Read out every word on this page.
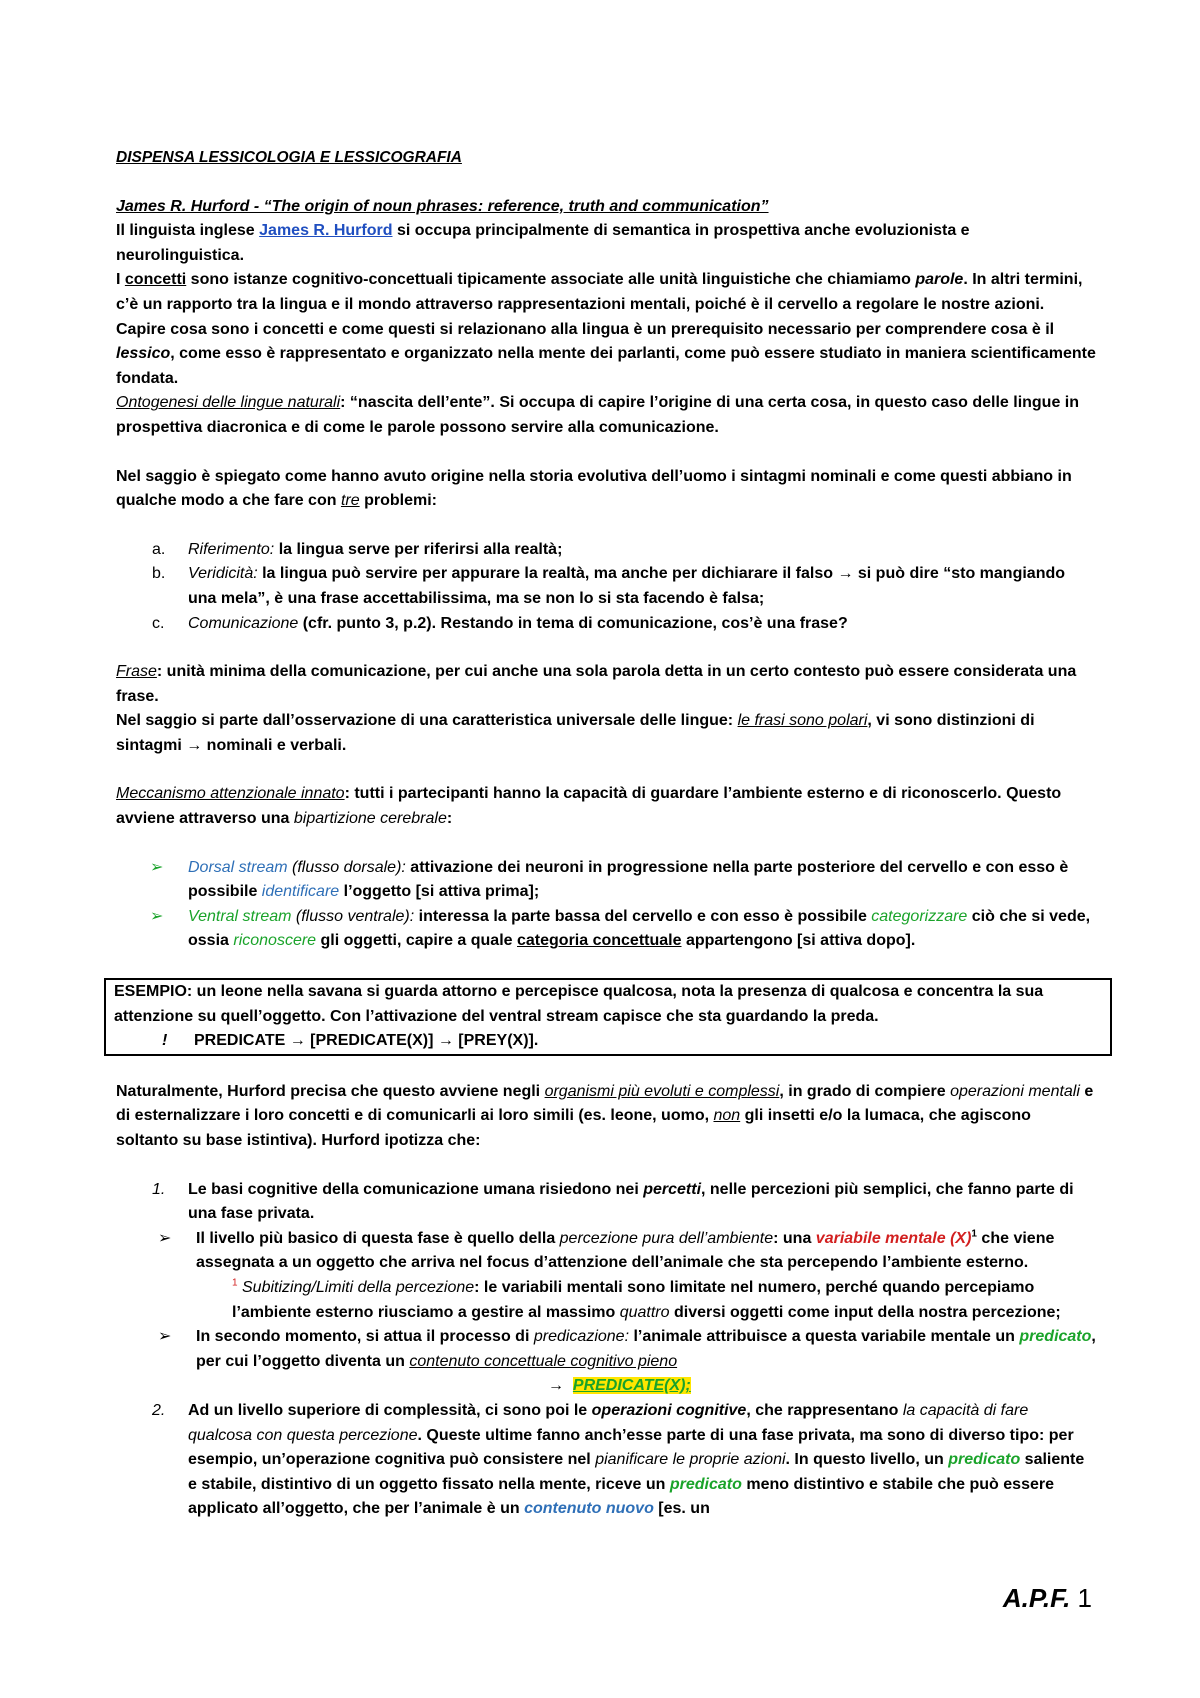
DISPENSA LESSICOLOGIA E LESSICOGRAFIA

James R. Hurford - “The origin of noun phrases: reference, truth and communication”

Il linguista inglese James R. Hurford si occupa principalmente di semantica in prospettiva anche evoluzionista e neurolinguistica.

I concetti sono istanze cognitivo-concettuali tipicamente associate alle unità linguistiche che chiamiamo parole. In altri termini, c’è un rapporto tra la lingua e il mondo attraverso rappresentazioni mentali, poiché è il cervello a regolare le nostre azioni. Capire cosa sono i concetti e come questi si relazionano alla lingua è un prerequisito necessario per comprendere cosa è il lessico, come esso è rappresentato e organizzato nella mente dei parlanti, come può essere studiato in maniera scientificamente fondata.

Ontogenesi delle lingue naturali: “nascita dell’ente”. Si occupa di capire l’origine di una certa cosa, in questo caso delle lingue in prospettiva diacronica e di come le parole possono servire alla comunicazione.

Nel saggio è spiegato come hanno avuto origine nella storia evolutiva dell’uomo i sintagmi nominali e come questi abbiano in qualche modo a che fare con tre problemi:

a.	Riferimento: la lingua serve per riferirsi alla realtà;
b.	Veridicità: la lingua può servire per appurare la realtà, ma anche per dichiarare il falso → si può dire “sto mangiando una mela”, è una frase accettabilissima, ma se non lo si sta facendo è falsa;
c.	Comunicazione (cfr. punto 3, p.2). Restando in tema di comunicazione, cos’è una frase?

Frase: unità minima della comunicazione, per cui anche una sola parola detta in un certo contesto può essere considerata una frase.

Nel saggio si parte dall’osservazione di una caratteristica universale delle lingue: le frasi sono polari, vi sono distinzioni di sintagmi → nominali e verbali.

Meccanismo attenzionale innato: tutti i partecipanti hanno la capacità di guardare l’ambiente esterno e di riconoscerlo. Questo avviene attraverso una bipartizione cerebrale:

➢	Dorsal stream (flusso dorsale): attivazione dei neuroni in progressione nella parte posteriore del cervello e con esso è possibile identificare l’oggetto [si attiva prima];
➢	Ventral stream (flusso ventrale): interessa la parte bassa del cervello e con esso è possibile categorizzare ciò che si vede, ossia riconoscere gli oggetti, capire a quale categoria concettuale appartengono [si attiva dopo].

ESEMPIO: un leone nella savana si guarda attorno e percepisce qualcosa, nota la presenza di qualcosa e concentra la sua attenzione su quell’oggetto. Con l’attivazione del ventral stream capisce che sta guardando la preda.

!	PREDICATE → [PREDICATE(X)] → [PREY(X)].

Naturalmente, Hurford precisa che questo avviene negli organismi più evoluti e complessi, in grado di compiere operazioni mentali e di esternalizzare i loro concetti e di comunicarli ai loro simili (es. leone, uomo, non gli insetti e/o la lumaca, che agiscono soltanto su base istintiva). Hurford ipotizza che:

1.	Le basi cognitive della comunicazione umana risiedono nei percetti, nelle percezioni più semplici, che fanno parte di una fase privata.
➢	Il livello più basico di questa fase è quello della percezione pura dell’ambiente: una variabile mentale $(X)^1$ che viene assegnata a un oggetto che arriva nel focus d’attenzione dell’animale che sta percependo l’ambiente esterno.

$^1$ Subitizing/Limiti della percezione: le variabili mentali sono limitate nel numero, perché quando percepiamo l’ambiente esterno riusciamo a gestire al massimo quattro diversi oggetti come input della nostra percezione;

➢	In secondo momento, si attua il processo di predicazione: l’animale attribuisce a questa variabile mentale un predicato, per cui l’oggetto diventa un contenuto concettuale cognitivo pieno

→ PREDICATE(X);

2.	Ad un livello superiore di complessità, ci sono poi le operazioni cognitive, che rappresentano la capacità di fare qualcosa con questa percezione. Queste ultime fanno anch’esse parte di una fase privata, ma sono di diverso tipo: per esempio, un’operazione cognitiva può consistere nel pianificare le proprie azioni. In questo livello, un predicato saliente e stabile, distintivo di un oggetto fissato nella mente, riceve un predicato meno distintivo e stabile che può essere applicato all’oggetto, che per l’animale è un contenuto nuovo [es. un
A.P.F. 1
